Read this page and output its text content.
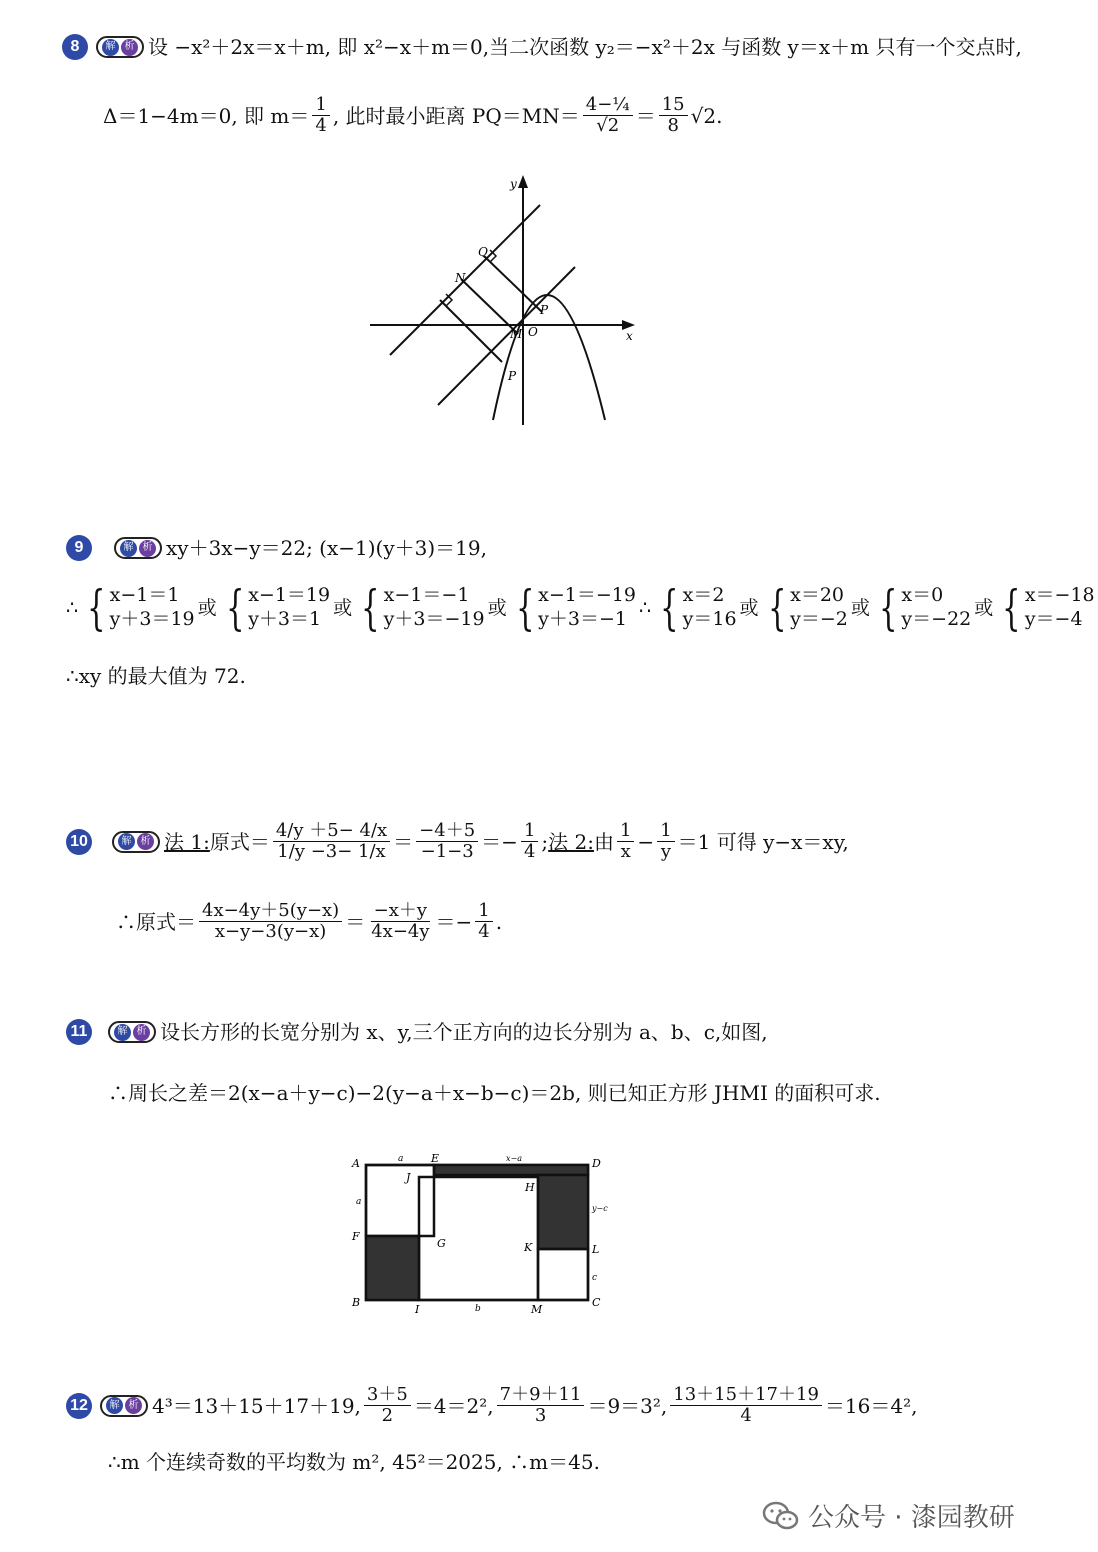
8	解 析 设 −x²＋2x＝x＋m, 即 x²−x＋m＝0,当二次函数 y₂＝−x²＋2x 与函数 y＝x＋m 只有一个交点时,
Δ＝1−4m＝0, 即 $m= \frac{1}{4}$ , 此时最小距离 $PQ=MN= \frac{\text{4−¼}}{√2} = \frac{15}{8} √2$.
y
x
O
M
N
Q
P
P
9	解 析 xy＋3x−y＝22; (x−1)(y＋3)＝19,
∴ { x−1＝1
y＋3＝19
或 { x−1＝19
y＋3＝1
或 { x−1＝−1
y＋3＝−19
或 { x−1＝−19
y＋3＝−1
∴ { x＝2
y＝16
或 { x＝20
y＝−2
或 { x＝0
y＝−22
或 { x＝−18
y＝−4
∴xy 的最大值为 72.
10	解 析 法 1: 原式＝ $\frac{4/y +5- 4/x}{1/y -3- 1/x} = \frac{-4+5}{-1-3} =- \frac{1}{4}$ ; 法 2: 由 $\frac{1}{x} - \frac{1}{y} =1$ 可得 y−x＝xy,
∴原式＝ $\frac{4x-4y+5(y-x)}{x-y-3(y-x)} = \frac{-x+y}{4x-4y} =- \frac{1}{4}$ .
11	解 析 设长方形的长宽分别为 x、y,三个正方向的边长分别为 a、b、c,如图,
∴周长之差＝2(x−a＋y−c)−2(y−a＋x−b−c)＝2b, 则已知正方形 JHMI 的面积可求.
A	E	D
J
H
F
G	K	L
B
I	M
C
a
a
x−a
y−c
c
b
12	解 析 4³＝13＋15＋17＋19, $\frac{3+5}{2} =4=2^2$, $\frac{7+9+11}{3} =9=3^2$, $\frac{13+15+17+19}{4} =16=4^2$,
∴m 个连续奇数的平均数为 m², 45²＝2025, ∴m＝45.
公众号 · 漆园教研
